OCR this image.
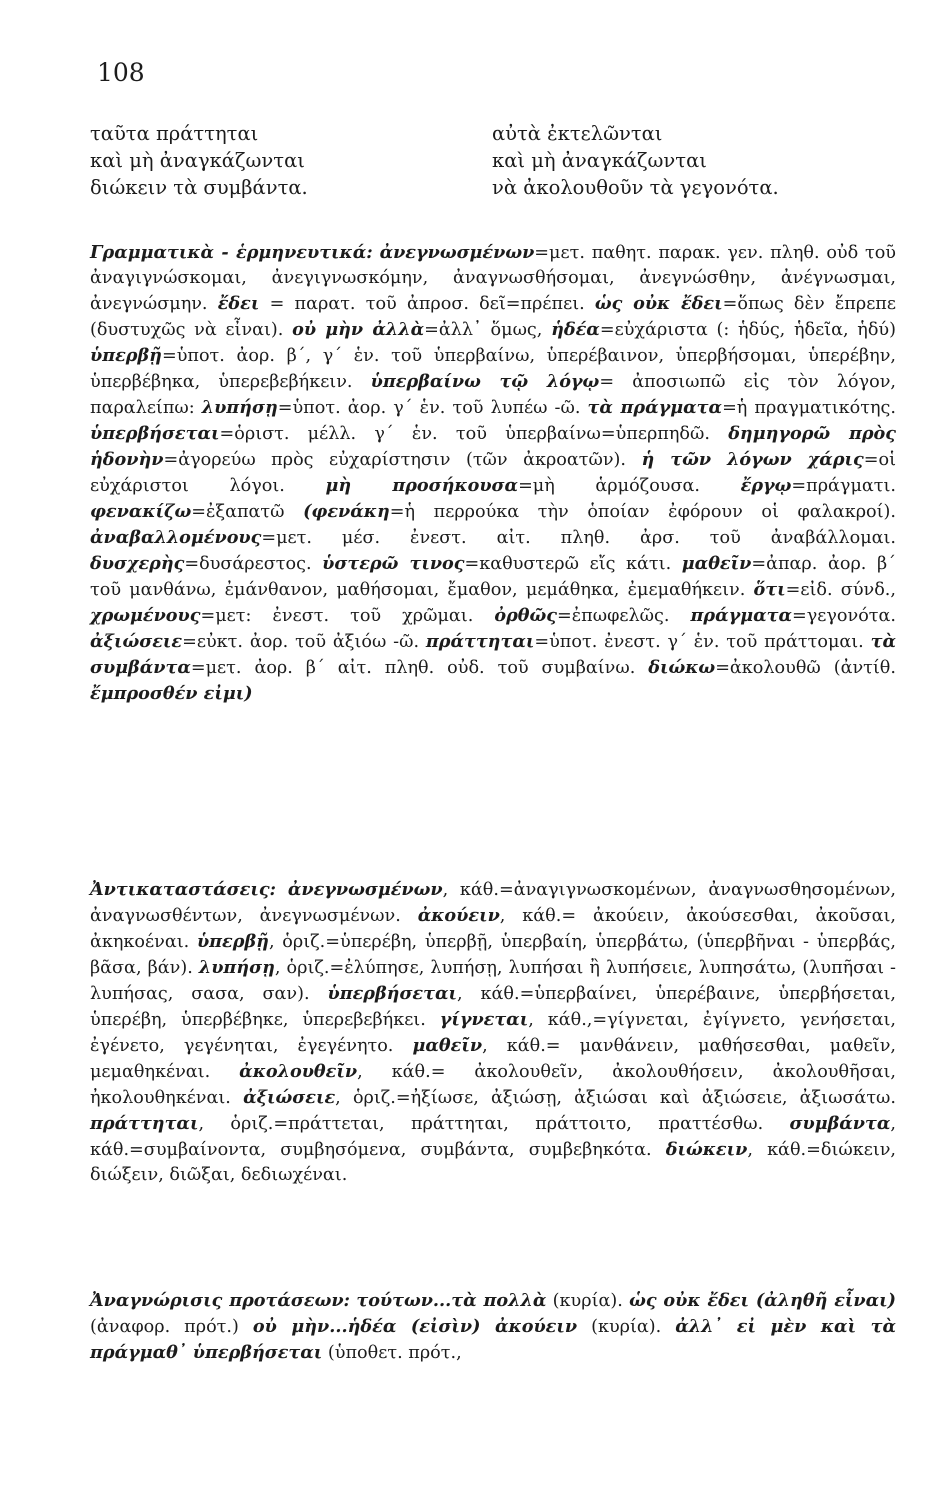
108
ταῦτα πράττηται
καὶ μὴ ἀναγκάζωνται
διώκειν τὰ συμβάντα.
αὐτὰ ἐκτελῶνται
καὶ μὴ ἀναγκάζωνται
νὰ ἀκολουθοῦν τὰ γεγονότα.

Γραμματικὰ - ἑρμηνευτικά: ἀνεγνωσμένων=μετ. παθητ. παρακ. γεν. πληθ. οὐδ τοῦ ἀναγιγνώσκομαι, ἀνεγιγνωσκόμην, ἀναγνωσθήσομαι, ἀνεγνώσθην, ἀνέγνωσμαι, ἀνεγνώσμην. ἔδει = παρατ. τοῦ ἀπροσ. δεῖ=πρέπει. ὡς οὐκ ἔδει=ὅπως δὲν ἔπρεπε (δυστυχῶς νὰ εἶναι). οὐ μὴν ἀλλὰ=ἀλλ᾽ ὅμως, ἡδέα=εὐχάριστα (: ἡδύς, ἡδεῖα, ἡδύ) ὑπερβῇ=ὑποτ. ἀορ. β΄, γ΄ ἑν. τοῦ ὑπερβαίνω, ὑπερέβαινον, ὑπερβήσομαι, ὑπερέβην, ὑπερβέβηκα, ὑπερεβεβήκειν. ὑπερβαίνω τῷ λόγῳ= ἀποσιωπῶ εἰς τὸν λόγον, παραλείπω: λυπήσῃ=ὑποτ. ἀορ. γ΄ ἑν. τοῦ λυπέω -ῶ. τὰ πράγματα=ἡ πραγματικότης. ὑπερβήσεται=ὁριστ. μέλλ. γ΄ ἑν. τοῦ ὑπερβαίνω=ὑπερπηδῶ. δημηγορῶ πρὸς ἡδονὴν=ἀγορεύω πρὸς εὐχαρίστησιν (τῶν ἀκροατῶν). ἡ τῶν λόγων χάρις=οἱ εὐχάριστοι λόγοι. μὴ προσήκουσα=μὴ ἁρμόζουσα. ἔργῳ=πράγματι. φενακίζω=ἐξαπατῶ (φενάκη=ἡ περρούκα τὴν ὁποίαν ἐφόρουν οἱ φαλακροί). ἀναβαλλομένους=μετ. μέσ. ἐνεστ. αἰτ. πληθ. ἀρσ. τοῦ ἀναβάλλομαι. δυσχερὴς=δυσάρεστος. ὑστερῶ τινος=καθυστερῶ εἴς κάτι. μαθεῖν=ἀπαρ. ἀορ. β΄ τοῦ μανθάνω, ἐμάνθανον, μαθήσομαι, ἔμαθον, μεμάθηκα, ἐμεμαθήκειν. ὅτι=εἰδ. σύνδ., χρωμένους=μετ: ἐνεστ. τοῦ χρῶμαι. ὀρθῶς=ἐπωφελῶς. πράγματα=γεγονότα. ἀξιώσειε=εὐκτ. ἀορ. τοῦ ἀξιόω -ῶ. πράττηται=ὑποτ. ἐνεστ. γ΄ ἑν. τοῦ πράττομαι. τὰ συμβάντα=μετ. ἀορ. β΄ αἰτ. πληθ. οὐδ. τοῦ συμβαίνω. διώκω=ἀκολουθῶ (ἀντίθ. ἔμπροσθέν εἰμι)

Ἀντικαταστάσεις: ἀνεγνωσμένων, κάθ.=ἀναγιγνωσκομένων, ἀναγνωσθησομένων, ἀναγνωσθέντων, ἀνεγνωσμένων. ἀκούειν, κάθ.= ἀκούειν, ἀκούσεσθαι, ἀκοῦσαι, ἀκηκοέναι. ὑπερβῇ, ὁριζ.=ὑπερέβη, ὑπερβῇ, ὑπερβαίη, ὑπερβάτω, (ὑπερβῆναι - ὑπερβάς, βᾶσα, βάν). λυπήσῃ, ὁριζ.=ἐλύπησε, λυπήσῃ, λυπήσαι ἢ λυπήσειε, λυπησάτω, (λυπῆσαι - λυπήσας, σασα, σαν). ὑπερβήσεται, κάθ.=ὑπερβαίνει, ὑπερέβαινε, ὑπερβήσεται, ὑπερέβη, ὑπερβέβηκε, ὑπερεβεβήκει. γίγνεται, κάθ.,=γίγνεται, ἐγίγνετο, γενήσεται, ἐγένετο, γεγένηται, ἐγεγένητο. μαθεῖν, κάθ.= μανθάνειν, μαθήσεσθαι, μαθεῖν, μεμαθηκέναι. ἀκολουθεῖν, κάθ.= ἀκολουθεῖν, ἀκολουθήσειν, ἀκολουθῆσαι, ἠκολουθηκέναι. ἀξιώσειε, ὁριζ.=ἠξίωσε, ἀξιώσῃ, ἀξιώσαι καὶ ἀξιώσειε, ἀξιωσάτω. πράττηται, ὁριζ.=πράττεται, πράττηται, πράττοιτο, πραττέσθω. συμβάντα, κάθ.=συμβαίνοντα, συμβησόμενα, συμβάντα, συμβεβηκότα. διώκειν, κάθ.=διώκειν, διώξειν, διῶξαι, δεδιωχέναι.

Ἀναγνώρισις προτάσεων: τούτων...τὰ πολλὰ (κυρία). ὡς οὐκ ἔδει (ἀληθῆ εἶναι) (ἀναφορ. πρότ.) οὐ μὴν...ἡδέα (εἰσὶν) ἀκούειν (κυρία). ἀλλ᾽ εἰ μὲν καὶ τὰ πράγμαθ᾽ ὑπερβήσεται (ὑποθετ. πρότ.,
